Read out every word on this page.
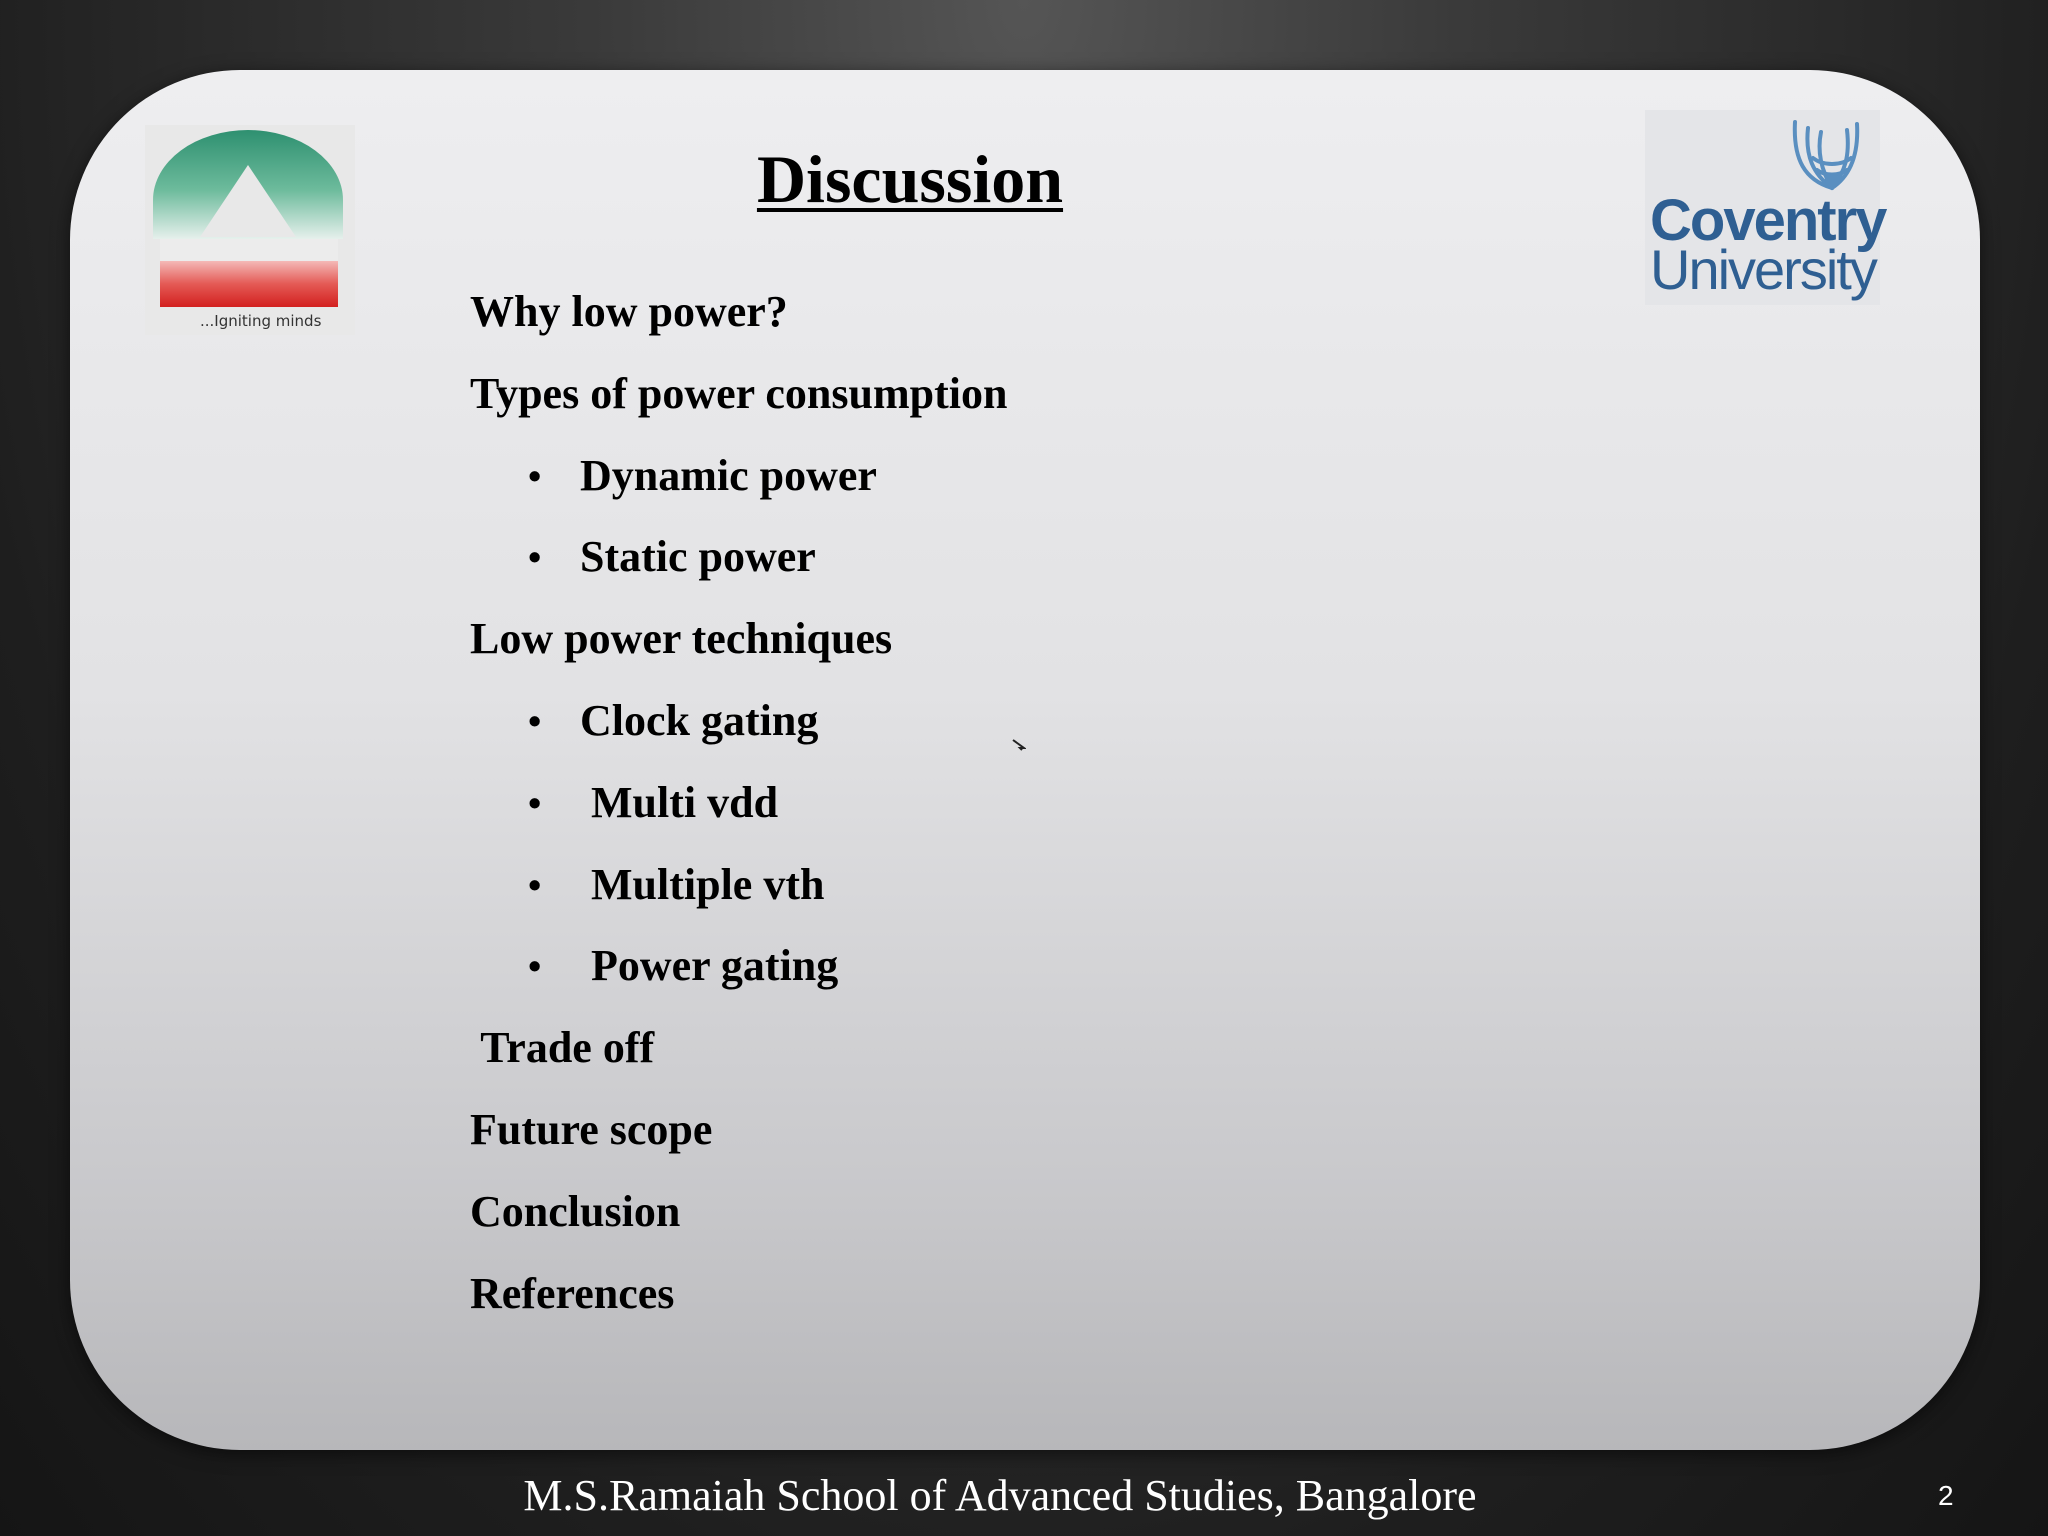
...Igniting minds
Coventry
University
Discussion
Why low power?
Types of power consumption
• Dynamic power
• Static power
Low power techniques
• Clock gating
• Multi vdd
• Multiple vth
• Power gating
Trade off
Future scope
Conclusion
References
M.S.Ramaiah School of Advanced Studies, Bangalore	2
